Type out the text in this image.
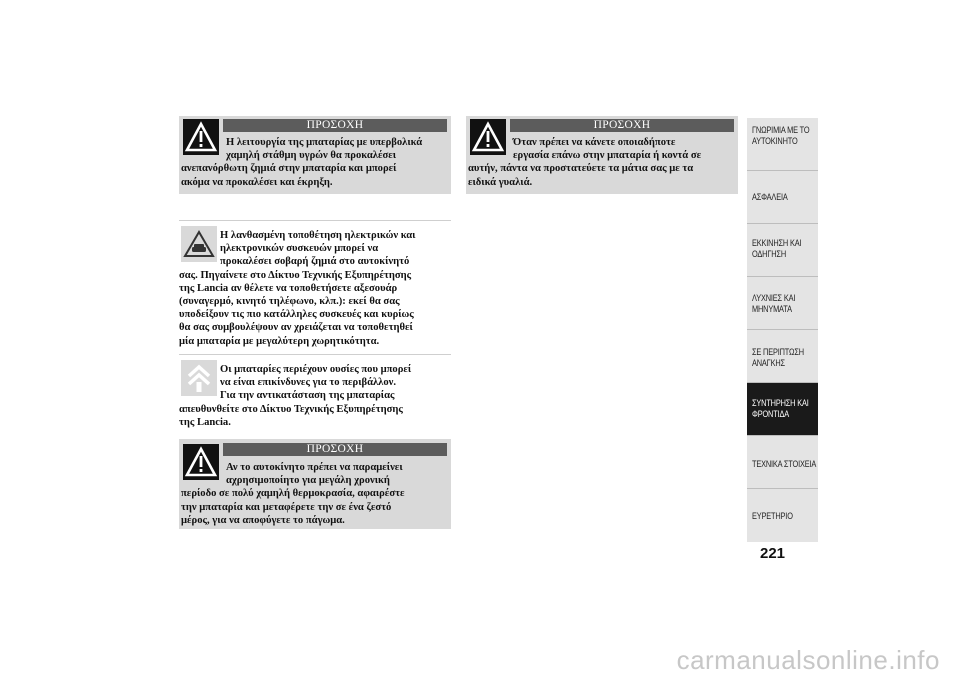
ΠΡΟΣΟΧΗ
Η λειτουργία της μπαταρίας με υπερβολικά
χαμηλή στάθμη υγρών θα προκαλέσει
ανεπανόρθωτη ζημιά στην μπαταρία και μπορεί
ακόμα να προκαλέσει και έκρηξη.
Η λανθασμένη τοποθέτηση ηλεκτρικών και
ηλεκτρονικών συσκευών μπορεί να
προκαλέσει σοβαρή ζημιά στο αυτοκίνητό
σας. Πηγαίνετε στο Δίκτυο Τεχνικής Εξυπηρέτησης
της Lancia αν θέλετε να τοποθετήσετε αξεσουάρ
(συναγερμό, κινητό τηλέφωνο, κλπ.): εκεί θα σας
υποδείξουν τις πιο κατάλληλες συσκευές και κυρίως
θα σας συμβουλέψουν αν χρειάζεται να τοποθετηθεί
μία μπαταρία με μεγαλύτερη χωρητικότητα.
Οι μπαταρίες περιέχουν ουσίες που μπορεί
να είναι επικίνδυνες για το περιβάλλον.
Για την αντικατάσταση της μπαταρίας
απευθυνθείτε στο Δίκτυο Τεχνικής Εξυπηρέτησης
της Lancia.
ΠΡΟΣΟΧΗ
Αν το αυτοκίνητο πρέπει να παραμείνει
αχρησιμοποίητο για μεγάλη χρονική
περίοδο σε πολύ χαμηλή θερμοκρασία, αφαιρέστε
την μπαταρία και μεταφέρετε την σε ένα ζεστό
μέρος, για να αποφύγετε το πάγωμα.
ΠΡΟΣΟΧΗ
Όταν πρέπει να κάνετε οποιαδήποτε
εργασία επάνω στην μπαταρία ή κοντά σε
αυτήν, πάντα να προστατεύετε τα μάτια σας με τα
ειδικά γυαλιά.
ΓΝΩΡΙΜΙΑ ΜΕ ΤΟ
ΑΥΤΟΚΙΝΗΤΟ
ΑΣΦΑΛΕΙΑ
ΕΚΚΙΝΗΣΗ ΚΑΙ
ΟΔΗΓΗΣΗ
ΛΥΧΝΙΕΣ ΚΑΙ
ΜΗΝΥΜΑΤΑ
ΣΕ ΠΕΡΙΠΤΩΣΗ
ΑΝΑΓΚΗΣ
ΣΥΝΤΗΡΗΣΗ ΚΑΙ
ΦΡΟΝΤΙΔΑ
ΤΕΧΝΙΚΑ ΣΤΟΙΧΕΙΑ
ΕΥΡΕΤΗΡΙΟ
221
carmanualsonline.info
